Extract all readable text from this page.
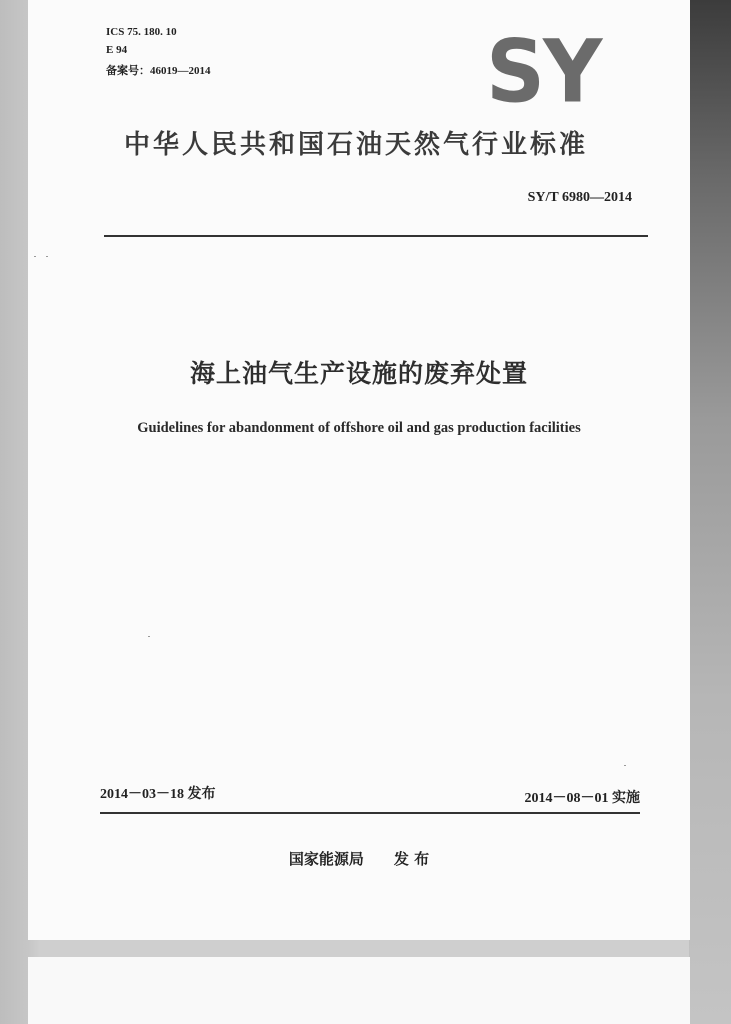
ICS 75. 180. 10
E 94
备案号：46019—2014	SY
中华人民共和国石油天然气行业标准
SY/T 6980—2014
海上油气生产设施的废弃处置
Guidelines for abandonment of offshore oil and gas production facilities
2014－03－18 发布	2014－08－01 实施
国家能源局 发 布
